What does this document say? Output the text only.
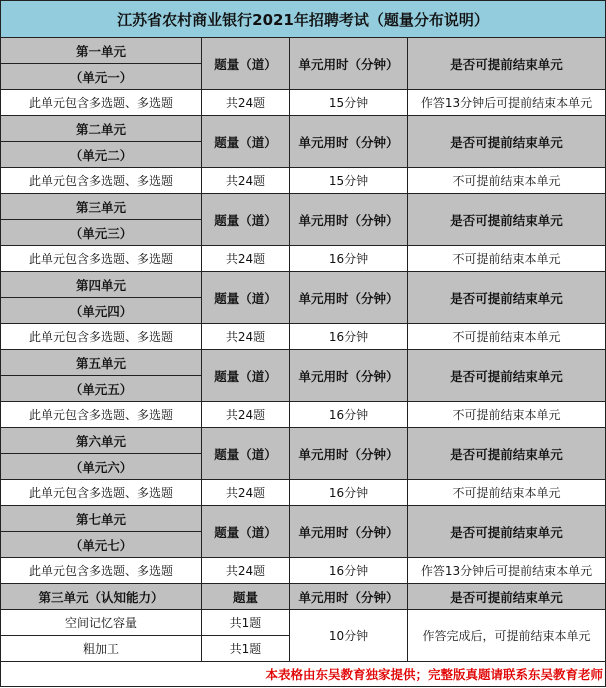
江苏省农村商业银行2021年招聘考试（题量分布说明）			
第一单元	题量（道）	单元用时（分钟）	是否可提前结束单元
（单元一）			
此单元包含多选题、多选题	共24题	15分钟	作答13分钟后可提前结束本单元
第二单元	题量（道）	单元用时（分钟）	是否可提前结束单元
（单元二）			
此单元包含多选题、多选题	共24题	15分钟	不可提前结束本单元
第三单元	题量（道）	单元用时（分钟）	是否可提前结束单元
（单元三）			
此单元包含多选题、多选题	共24题	16分钟	不可提前结束本单元
第四单元	题量（道）	单元用时（分钟）	是否可提前结束单元
（单元四）			
此单元包含多选题、多选题	共24题	16分钟	不可提前结束本单元
第五单元	题量（道）	单元用时（分钟）	是否可提前结束单元
（单元五）			
此单元包含多选题、多选题	共24题	16分钟	不可提前结束本单元
第六单元	题量（道）	单元用时（分钟）	是否可提前结束单元
（单元六）			
此单元包含多选题、多选题	共24题	16分钟	不可提前结束本单元
第七单元	题量（道）	单元用时（分钟）	是否可提前结束单元
（单元七）			
此单元包含多选题、多选题	共24题	16分钟	作答13分钟后可提前结束本单元
第三单元（认知能力）	题量	单元用时（分钟）	是否可提前结束单元
空间记忆容量	共1题	10分钟	作答完成后，可提前结束本单元
粗加工	共1题		
本表格由东吴教育独家提供；完整版真题请联系东吴教育老师			
